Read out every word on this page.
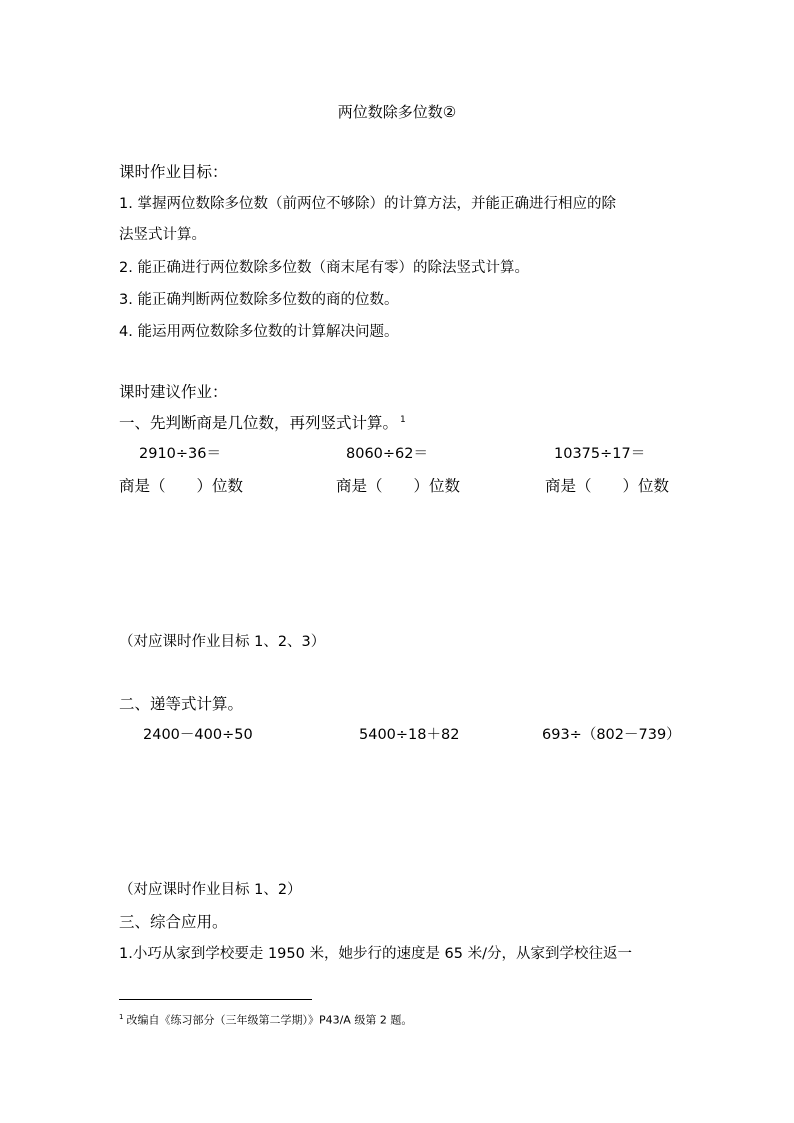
两位数除多位数②
课时作业目标：
1. 掌握两位数除多位数（前两位不够除）的计算方法，并能正确进行相应的除
法竖式计算。
2. 能正确进行两位数除多位数（商末尾有零）的除法竖式计算。
3. 能正确判断两位数除多位数的商的位数。
4. 能运用两位数除多位数的计算解决问题。
课时建议作业：
一、先判断商是几位数，再列竖式计算。 $^1$
2910÷36＝	8060÷62＝	10375÷17＝
商是（　　）位数	商是（　　）位数	商是（　　）位数
（对应课时作业目标 1、2、3）
二、递等式计算。
2400－400÷50	5400÷18＋82	693÷（802－739）
（对应课时作业目标 1、2）
三、综合应用。
1.小巧从家到学校要走 1950 米，她步行的速度是 65 米/分，从家到学校往返一
$^1$ 改编自《练习部分（三年级第二学期）》P43/A 级第 2 题。
